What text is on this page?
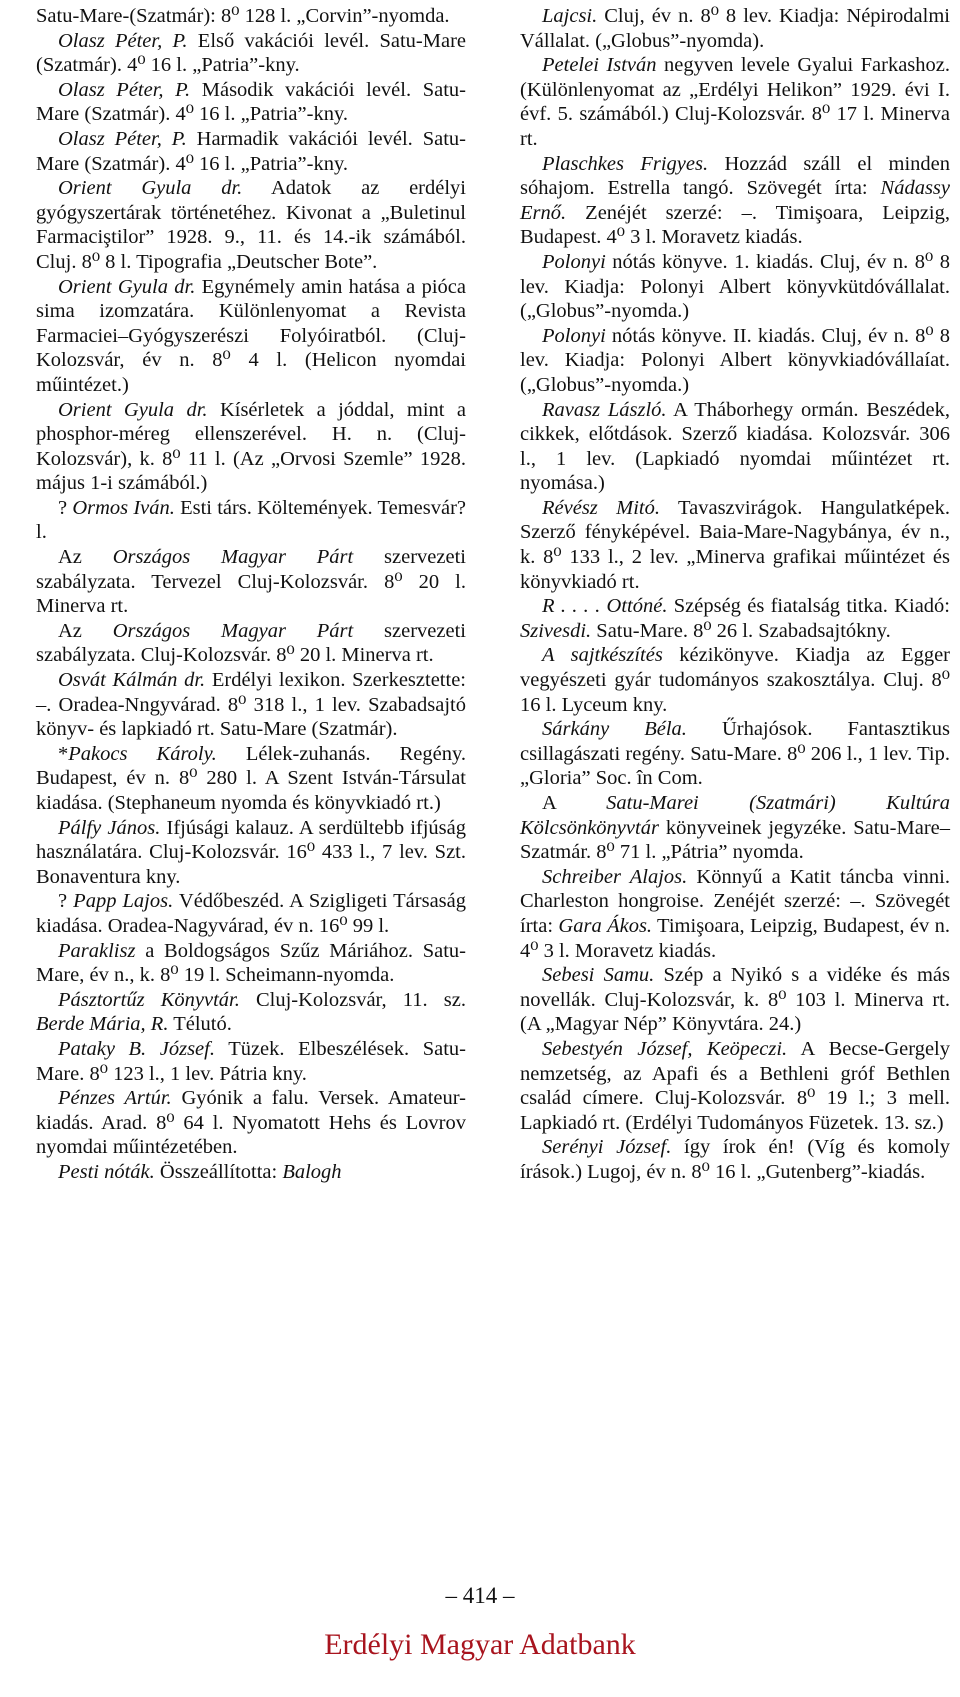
Satu-Mare-(Szatmár): 8⁰ 128 l. „Corvin”-nyomda.

Olasz Péter, P. Első vakációi levél. Satu-Mare (Szatmár). 4⁰ 16 l. „Patria”-kny.

Olasz Péter, P. Második vakációi levél. Satu-Mare (Szatmár). 4⁰ 16 l. „Patria”-kny.

Olasz Péter, P. Harmadik vakációi levél. Satu-Mare (Szatmár). 4⁰ 16 l. „Patria”-kny.

Orient Gyula dr. Adatok az erdélyi gyógyszertárak történetéhez. Kivonat a „Buletinul Farmaciştilor” 1928. 9., 11. és 14.-ik számából. Cluj. 8⁰ 8 l. Tipografia „Deutscher Bote”.

Orient Gyula dr. Egynémely amin hatása a pióca sima izomzatára. Különlenyomat a Revista Farmaciei–Gyógyszerészi Folyóiratból. (Cluj-Kolozsvár, év n. 8⁰ 4 l. (Helicon nyomdai műintézet.)

Orient Gyula dr. Kísérletek a jóddal, mint a phosphor-méreg ellenszerével. H. n. (Cluj-Kolozsvár), k. 8⁰ 11 l. (Az „Orvosi Szemle” 1928. május 1-i számából.)

? Ormos Iván. Esti társ. Költemények. Temesvár? l.

Az Országos Magyar Párt szervezeti szabályzata. Tervezel Cluj-Kolozsvár. 8⁰ 20 l. Minerva rt.

Az Országos Magyar Párt szervezeti szabályzata. Cluj-Kolozsvár. 8⁰ 20 l. Minerva rt.

Osvát Kálmán dr. Erdélyi lexikon. Szerkesztette: –. Oradea-Nngyvárad. 8⁰ 318 l., 1 lev. Szabadsajtó könyv- és lapkiadó rt. Satu-Mare (Szatmár).

*Pakocs Károly. Lélek-zuhanás. Regény. Budapest, év n. 8⁰ 280 l. A Szent István-Társulat kiadása. (Stephaneum nyomda és könyvkiadó rt.)

Pálfy János. Ifjúsági kalauz. A serdültebb ifjúság használatára. Cluj-Kolozsvár. 16⁰ 433 l., 7 lev. Szt. Bonaventura kny.

? Papp Lajos. Védőbeszéd. A Szigligeti Társaság kiadása. Oradea-Nagyvárad, év n. 16⁰ 99 l.

Paraklisz a Boldogságos Szűz Máriához. Satu-Mare, év n., k. 8⁰ 19 l. Scheimann-nyomda.

Pásztortűz Könyvtár. Cluj-Kolozsvár, 11. sz. Berde Mária, R. Télutó.

Pataky B. József. Tüzek. Elbeszélések. Satu-Mare. 8⁰ 123 l., 1 lev. Pátria kny.

Pénzes Artúr. Gyónik a falu. Versek. Amateur-kiadás. Arad. 8⁰ 64 l. Nyomatott Hehs és Lovrov nyomdai műintézetében.

Pesti nóták. Összeállította: Balogh

Lajcsi. Cluj, év n. 8⁰ 8 lev. Kiadja: Népirodalmi Vállalat. („Globus”-nyomda).

Petelei István negyven levele Gyalui Farkashoz. (Különlenyomat az „Erdélyi Helikon” 1929. évi I. évf. 5. számából.) Cluj-Kolozsvár. 8⁰ 17 l. Minerva rt.

Plaschkes Frigyes. Hozzád száll el minden sóhajom. Estrella tangó. Szövegét írta: Nádassy Ernő. Zenéjét szerzé: –. Timişoara, Leipzig, Budapest. 4⁰ 3 l. Moravetz kiadás.

Polonyi nótás könyve. 1. kiadás. Cluj, év n. 8⁰ 8 lev. Kiadja: Polonyi Albert könyvkütdóvállalat. („Globus”-nyomda.)

Polonyi nótás könyve. II. kiadás. Cluj, év n. 8⁰ 8 lev. Kiadja: Polonyi Albert könyvkiadóvállaíat. („Globus”-nyomda.)

Ravasz László. A Tháborhegy ormán. Beszédek, cikkek, előtdások. Szerző kiadása. Kolozsvár. 306 l., 1 lev. (Lapkiadó nyomdai műintézet rt. nyomása.)

Révész Mitó. Tavaszvirágok. Hangulatképek. Szerző fényképével. Baia-Mare-Nagybánya, év n., k. 8⁰ 133 l., 2 lev. „Minerva grafikai műintézet és könyvkiadó rt.

R . . . . Ottóné. Szépség és fiatalság titka. Kiadó: Szivesdi. Satu-Mare. 8⁰ 26 l. Szabadsajtókny.

A sajtkészítés kézikönyve. Kiadja az Egger vegyészeti gyár tudományos szakosztálya. Cluj. 8⁰ 16 l. Lyceum kny.

Sárkány Béla. Űrhajósok. Fantasztikus csillagászati regény. Satu-Mare. 8⁰ 206 l., 1 lev. Tip. „Gloria” Soc. în Com.

A Satu-Marei (Szatmári) Kultúra Kölcsönkönyvtár könyveinek jegyzéke. Satu-Mare–Szatmár. 8⁰ 71 l. „Pátria” nyomda.

Schreiber Alajos. Könnyű a Katit táncba vinni. Charleston hongroise. Zenéjét szerzé: –. Szövegét írta: Gara Ákos. Timişoara, Leipzig, Budapest, év n. 4⁰ 3 l. Moravetz kiadás.

Sebesi Samu. Szép a Nyikó s a vidéke és más novellák. Cluj-Kolozsvár, k. 8⁰ 103 l. Minerva rt. (A „Magyar Nép” Könyvtára. 24.)

Sebestyén József, Keöpeczi. A Becse-Gergely nemzetség, az Apafi és a Bethleni gróf Bethlen család címere. Cluj-Kolozsvár. 8⁰ 19 l.; 3 mell. Lapkiadó rt. (Erdélyi Tudományos Füzetek. 13. sz.)

Serényi József. így írok én! (Víg és komoly írások.) Lugoj, év n. 8⁰ 16 l. „Gutenberg”-kiadás.

– 414 –
Erdélyi Magyar Adatbank
